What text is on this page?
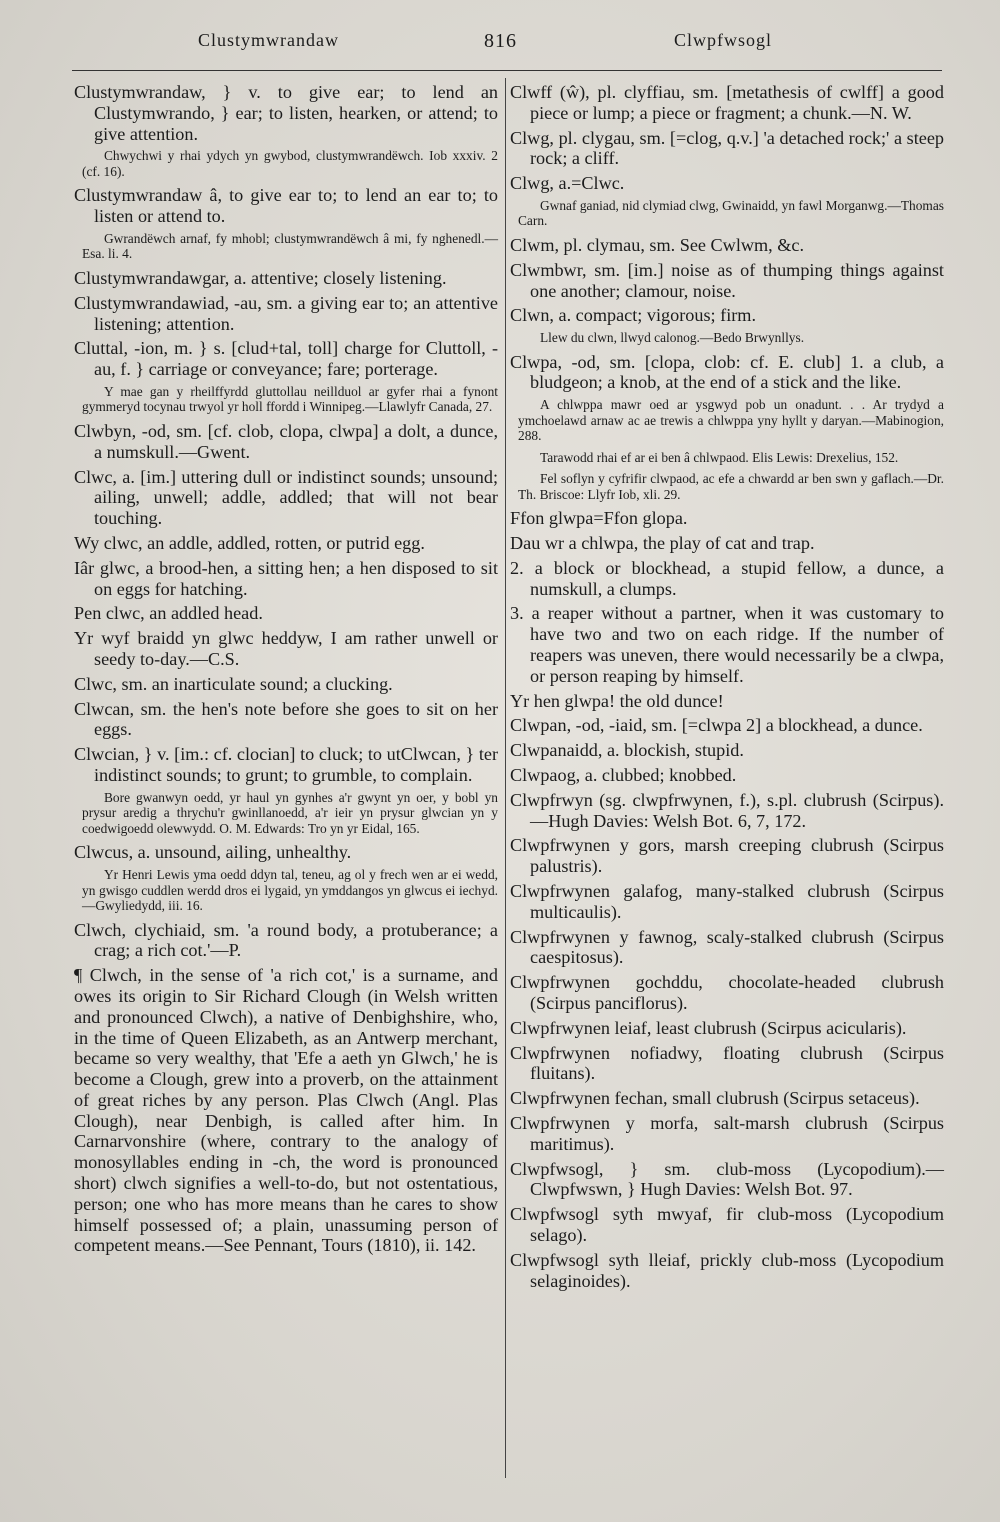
Clustymwrandaw	816	Clwpfwsogl
Clustymwrandaw, } v. to give ear; to lend an Clustymwrando, } ear; to listen, hearken, or attend; to give attention.
Chwychwi y rhai ydych yn gwybod, clustymwrandëwch. Iob xxxiv. 2 (cf. 16).
Clustymwrandaw â, to give ear to; to lend an ear to; to listen or attend to.
Gwrandëwch arnaf, fy mhobl; clustymwrandëwch â mi, fy nghenedl.—Esa. li. 4.
Clustymwrandawgar, a. attentive; closely listening.
Clustymwrandawiad, -au, sm. a giving ear to; an attentive listening; attention.
Cluttal, -ion, m. } s. [clud+tal, toll] charge for Cluttoll, -au, f. } carriage or conveyance; fare; porterage.
Y mae gan y rheilffyrdd gluttollau neillduol ar gyfer rhai a fynont gymmeryd tocynau trwyol yr holl ffordd i Winnipeg.—Llawlyfr Canada, 27.
Clwbyn, -od, sm. [cf. clob, clopa, clwpa] a dolt, a dunce, a numskull.—Gwent.
Clwc, a. [im.] uttering dull or indistinct sounds; unsound; ailing, unwell; addle, addled; that will not bear touching.
Wy clwc, an addle, addled, rotten, or putrid egg.
Iâr glwc, a brood-hen, a sitting hen; a hen disposed to sit on eggs for hatching.
Pen clwc, an addled head.
Yr wyf braidd yn glwc heddyw, I am rather unwell or seedy to-day.—C.S.
Clwc, sm. an inarticulate sound; a clucking.
Clwcan, sm. the hen's note before she goes to sit on her eggs.
Clwcian, } v. [im.: cf. clocian] to cluck; to utClwcan, } ter indistinct sounds; to grunt; to grumble, to complain.
Bore gwanwyn oedd, yr haul yn gynhes a'r gwynt yn oer, y bobl yn prysur aredig a thrychu'r gwinllanoedd, a'r ieir yn prysur glwcian yn y coedwigoedd olewwydd. O. M. Edwards: Tro yn yr Eidal, 165.
Clwcus, a. unsound, ailing, unhealthy.
Yr Henri Lewis yma oedd ddyn tal, teneu, ag ol y frech wen ar ei wedd, yn gwisgo cuddlen werdd dros ei lygaid, yn ymddangos yn glwcus ei iechyd.—Gwyliedydd, iii. 16.
Clwch, clychiaid, sm. 'a round body, a protuberance; a crag; a rich cot.'—P.
¶ Clwch, in the sense of 'a rich cot,' is a surname, and owes its origin to Sir Richard Clough (in Welsh written and pronounced Clwch), a native of Denbighshire, who, in the time of Queen Elizabeth, as an Antwerp merchant, became so very wealthy, that 'Efe a aeth yn Glwch,' he is become a Clough, grew into a proverb, on the attainment of great riches by any person. Plas Clwch (Angl. Plas Clough), near Denbigh, is called after him. In Carnarvonshire (where, contrary to the analogy of monosyllables ending in -ch, the word is pronounced short) clwch signifies a well-to-do, but not ostentatious, person; one who has more means than he cares to show himself possessed of; a plain, unassuming person of competent means.—See Pennant, Tours (1810), ii. 142.
Clwff (ŵ), pl. clyffiau, sm. [metathesis of cwlff] a good piece or lump; a piece or fragment; a chunk.—N. W.
Clwg, pl. clygau, sm. [=clog, q.v.] 'a detached rock;' a steep rock; a cliff.
Clwg, a.=Clwc.
Gwnaf ganiad, nid clymiad clwg, Gwinaidd, yn fawl Morganwg.—Thomas Carn.
Clwm, pl. clymau, sm. See Cwlwm, &c.
Clwmbwr, sm. [im.] noise as of thumping things against one another; clamour, noise.
Clwn, a. compact; vigorous; firm.
Llew du clwn, llwyd calonog.—Bedo Brwynllys.
Clwpa, -od, sm. [clopa, clob: cf. E. club] 1. a club, a bludgeon; a knob, at the end of a stick and the like.
A chlwppa mawr oed ar ysgwyd pob un onadunt. . . Ar trydyd a ymchoelawd arnaw ac ae trewis a chlwppa yny hyllt y daryan.—Mabinogion, 288.
Tarawodd rhai ef ar ei ben â chlwpaod. Elis Lewis: Drexelius, 152.
Fel soflyn y cyfrifir clwpaod, ac efe a chwardd ar ben swn y gaflach.—Dr. Th. Briscoe: Llyfr Iob, xli. 29.
Ffon glwpa=Ffon glopa.
Dau wr a chlwpa, the play of cat and trap.
2. a block or blockhead, a stupid fellow, a dunce, a numskull, a clumps.
3. a reaper without a partner, when it was customary to have two and two on each ridge. If the number of reapers was uneven, there would necessarily be a clwpa, or person reaping by himself.
Yr hen glwpa! the old dunce!
Clwpan, -od, -iaid, sm. [=clwpa 2] a blockhead, a dunce.
Clwpanaidd, a. blockish, stupid.
Clwpaog, a. clubbed; knobbed.
Clwpfrwyn (sg. clwpfrwynen, f.), s.pl. clubrush (Scirpus).—Hugh Davies: Welsh Bot. 6, 7, 172.
Clwpfrwynen y gors, marsh creeping clubrush (Scirpus palustris).
Clwpfrwynen galafog, many-stalked clubrush (Scirpus multicaulis).
Clwpfrwynen y fawnog, scaly-stalked clubrush (Scirpus caespitosus).
Clwpfrwynen gochddu, chocolate-headed clubrush (Scirpus panciflorus).
Clwpfrwynen leiaf, least clubrush (Scirpus acicularis).
Clwpfrwynen nofiadwy, floating clubrush (Scirpus fluitans).
Clwpfrwynen fechan, small clubrush (Scirpus setaceus).
Clwpfrwynen y morfa, salt-marsh clubrush (Scirpus maritimus).
Clwpfwsogl, } sm. club-moss (Lycopodium).— Clwpfwswn, } Hugh Davies: Welsh Bot. 97.
Clwpfwsogl syth mwyaf, fir club-moss (Lycopodium selago).
Clwpfwsogl syth lleiaf, prickly club-moss (Lycopodium selaginoides).
